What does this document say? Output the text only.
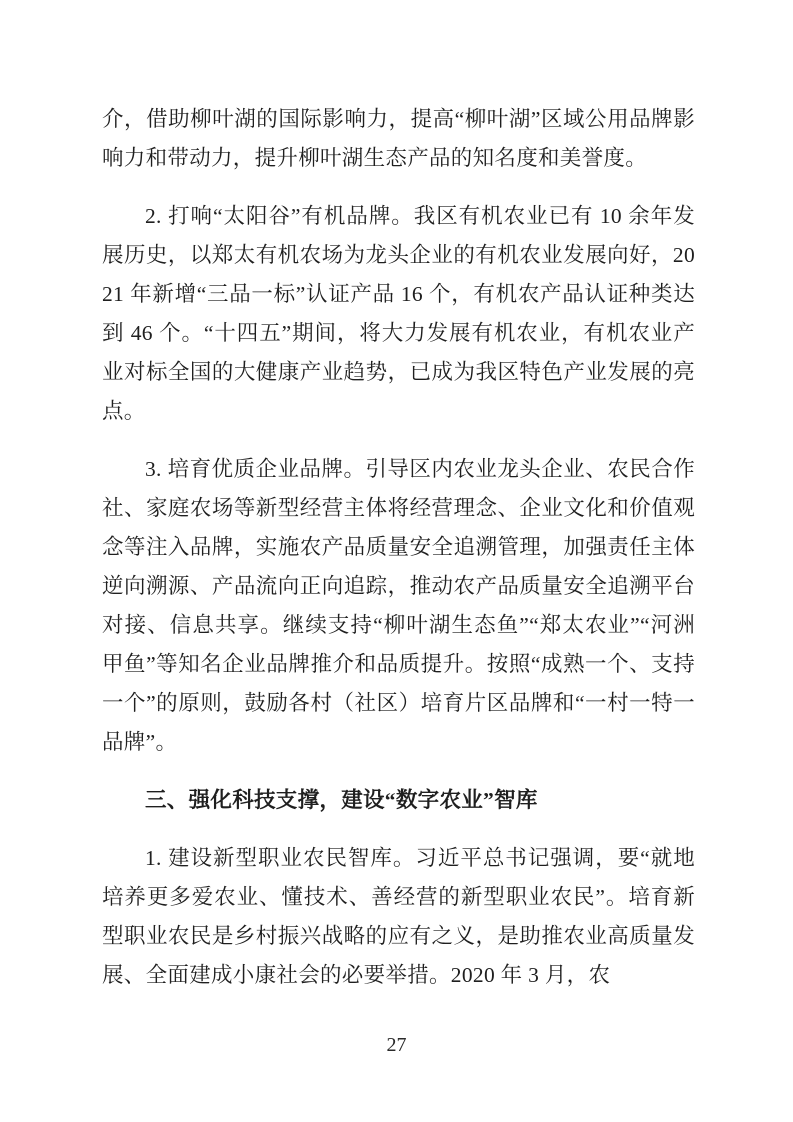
介，借助柳叶湖的国际影响力，提高“柳叶湖”区域公用品牌影响力和带动力，提升柳叶湖生态产品的知名度和美誉度。

2. 打响“太阳谷”有机品牌。我区有机农业已有 10 余年发展历史，以郑太有机农场为龙头企业的有机农业发展向好，2021 年新增“三品一标”认证产品 16 个，有机农产品认证种类达到 46 个。“十四五”期间，将大力发展有机农业，有机农业产业对标全国的大健康产业趋势，已成为我区特色产业发展的亮点。

3. 培育优质企业品牌。引导区内农业龙头企业、农民合作社、家庭农场等新型经营主体将经营理念、企业文化和价值观念等注入品牌，实施农产品质量安全追溯管理，加强责任主体逆向溯源、产品流向正向追踪，推动农产品质量安全追溯平台对接、信息共享。继续支持“柳叶湖生态鱼”“郑太农业”“河洲甲鱼”等知名企业品牌推介和品质提升。按照“成熟一个、支持一个”的原则，鼓励各村（社区）培育片区品牌和“一村一特一品牌”。

三、强化科技支撑，建设“数字农业”智库

1. 建设新型职业农民智库。习近平总书记强调，要“就地培养更多爱农业、懂技术、善经营的新型职业农民”。培育新型职业农民是乡村振兴战略的应有之义，是助推农业高质量发展、全面建成小康社会的必要举措。2020 年 3 月，农

27
